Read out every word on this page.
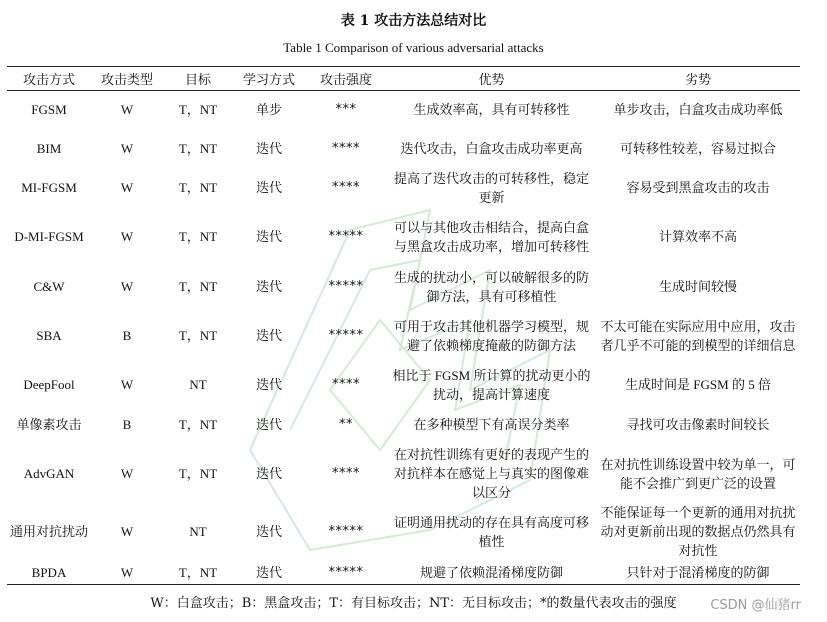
表 1 攻击方法总结对比
Table 1 Comparison of various adversarial attacks
攻击方式	攻击类型	目标	学习方式	攻击强度	优势	劣势
FGSM	W	T，NT	单步	***	生成效率高，具有可转移性	单步攻击，白盒攻击成功率低
BIM	W	T，NT	迭代	****	迭代攻击，白盒攻击成功率更高	可转移性较差，容易过拟合
MI-FGSM	W	T，NT	迭代	****	提高了迭代攻击的可转移性，稳定更新	容易受到黑盒攻击的攻击
D-MI-FGSM	W	T，NT	迭代	*****	可以与其他攻击相结合，提高白盒与黑盒攻击成功率，增加可转移性	计算效率不高
C&W	W	T，NT	迭代	*****	生成的扰动小，可以破解很多的防御方法，具有可移植性	生成时间较慢
SBA	B	T，NT	迭代	*****	可用于攻击其他机器学习模型，规避了依赖梯度掩蔽的防御方法	不太可能在实际应用中应用，攻击者几乎不可能的到模型的详细信息
DeepFool	W	NT	迭代	****	相比于 FGSM 所计算的扰动更小的扰动，提高计算速度	生成时间是 FGSM 的 5 倍
单像素攻击	B	T，NT	迭代	**	在多种模型下有高误分类率	寻找可攻击像素时间较长
AdvGAN	W	T，NT	迭代	****	在对抗性训练有更好的表现产生的对抗样本在感觉上与真实的图像难以区分	在对抗性训练设置中较为单一，可能不会推广到更广泛的设置
通用对抗扰动	W	NT	迭代	*****	证明通用扰动的存在具有高度可移植性	不能保证每一个更新的通用对抗扰动对更新前出现的数据点仍然具有对抗性
BPDA	W	T，NT	迭代	*****	规避了依赖混淆梯度防御	只针对于混淆梯度的防御
W：白盒攻击；B：黑盒攻击；T：有目标攻击；NT：无目标攻击；*的数量代表攻击的强度	CSDN @仙猪rr
